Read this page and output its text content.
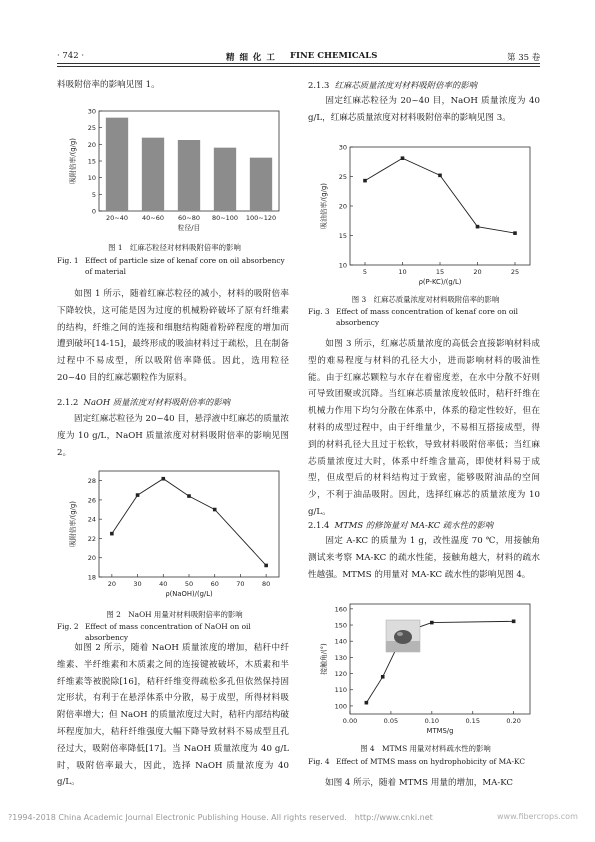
· 742 ·	精 细 化 工 FINE CHEMICALS	第 35 卷

料吸附倍率的影响见图 1。

0
5
10
15
20
25
30
吸附倍率/(g/g)
20~40 40~60 60~80 80~100 100~120
粒径/目
图 1　红麻芯粒径对材料吸附倍率的影响
Fig. 1 Effect of particle size of kenaf core on oil absorbency of material

如图 1 所示，随着红麻芯粒径的减小，材料的吸附倍率下降较快，这可能是因为过度的机械粉碎破坏了原有纤维素的结构，纤维之间的连接和细胞结构随着粉碎程度的增加而遭到破坏[14-15]，最终形成的吸油材料过于疏松，且在制备过程中不易成型，所以吸附倍率降低。因此，选用粒径 20~40 目的红麻芯颗粒作为原料。

2.1.2 NaOH 质量浓度对材料吸附倍率的影响

固定红麻芯粒径为 20~40 目，悬浮液中红麻芯的质量浓度为 10 g/L，NaOH 质量浓度对材料吸附倍率的影响见图 2。

18
20
22
24
26
28
吸附倍率/(g/g)
20	30	40	50	60	70	80
ρ(NaOH)/(g/L)
图 2　NaOH 用量对材料吸附倍率的影响
Fig. 2 Effect of mass concentration of NaOH on oil absorbency

如图 2 所示，随着 NaOH 质量浓度的增加，秸秆中纤维素、半纤维素和木质素之间的连接键被破坏，木质素和半纤维素等被脱除[16]，秸秆纤维变得疏松多孔但依然保持固定形状，有利于在悬浮体系中分散，易于成型，所得材料吸附倍率增大；但 NaOH 的质量浓度过大时，秸秆内部结构破坏程度加大，秸秆纤维强度大幅下降导致材料不易成型且孔径过大，吸附倍率降低[17]。当 NaOH 质量浓度为 40 g/L 时，吸附倍率最大，因此，选择 NaOH 质量浓度为 40 g/L。

2.1.3 红麻芯质量浓度对材料吸附倍率的影响

固定红麻芯粒径为 20~40 目，NaOH 质量浓度为 40 g/L，红麻芯质量浓度对材料吸附倍率的影响见图 3。

10
15
20
25
30
吸油倍率/(g/g)
5	10	15	20	25
ρ(P-KC)/(g/L)
图 3　红麻芯质量浓度对材料吸附倍率的影响
Fig. 3 Effect of mass concentration of kenaf core on oil absorbency

如图 3 所示，红麻芯质量浓度的高低会直接影响材料成型的难易程度与材料的孔径大小，进而影响材料的吸油性能。由于红麻芯颗粒与水存在着密度差，在水中分散不好则可导致团聚或沉降。当红麻芯质量浓度较低时，秸秆纤维在机械力作用下均匀分散在体系中，体系的稳定性较好，但在材料的成型过程中，由于纤维量少，不易相互搭接成型，得到的材料孔径大且过于松软，导致材料吸附倍率低；当红麻芯质量浓度过大时，体系中纤维含量高，即使材料易于成型，但成型后的材料结构过于致密，能够吸附油品的空间少，不利于油品吸附。因此，选择红麻芯的质量浓度为 10 g/L。

2.1.4 MTMS 的修饰量对 MA-KC 疏水性的影响

固定 A-KC 的质量为 1 g，改性温度 70 ℃，用接触角测试来考察 MA-KC 的疏水性能，接触角越大，材料的疏水性越强。MTMS 的用量对 MA-KC 疏水性的影响见图 4。

100
110
120
130
140
150
160
接触角/(°)
0.00	0.05	0.10	0.15	0.20
MTMS/g
图 4　MTMS 用量对材料疏水性的影响
Fig. 4 Effect of MTMS mass on hydrophobicity of MA-KC

如图 4 所示，随着 MTMS 用量的增加，MA-KC

?1994-2018 China Academic Journal Electronic Publishing House. All rights reserved.　http://www.cnki.net	www.fibercrops.com
